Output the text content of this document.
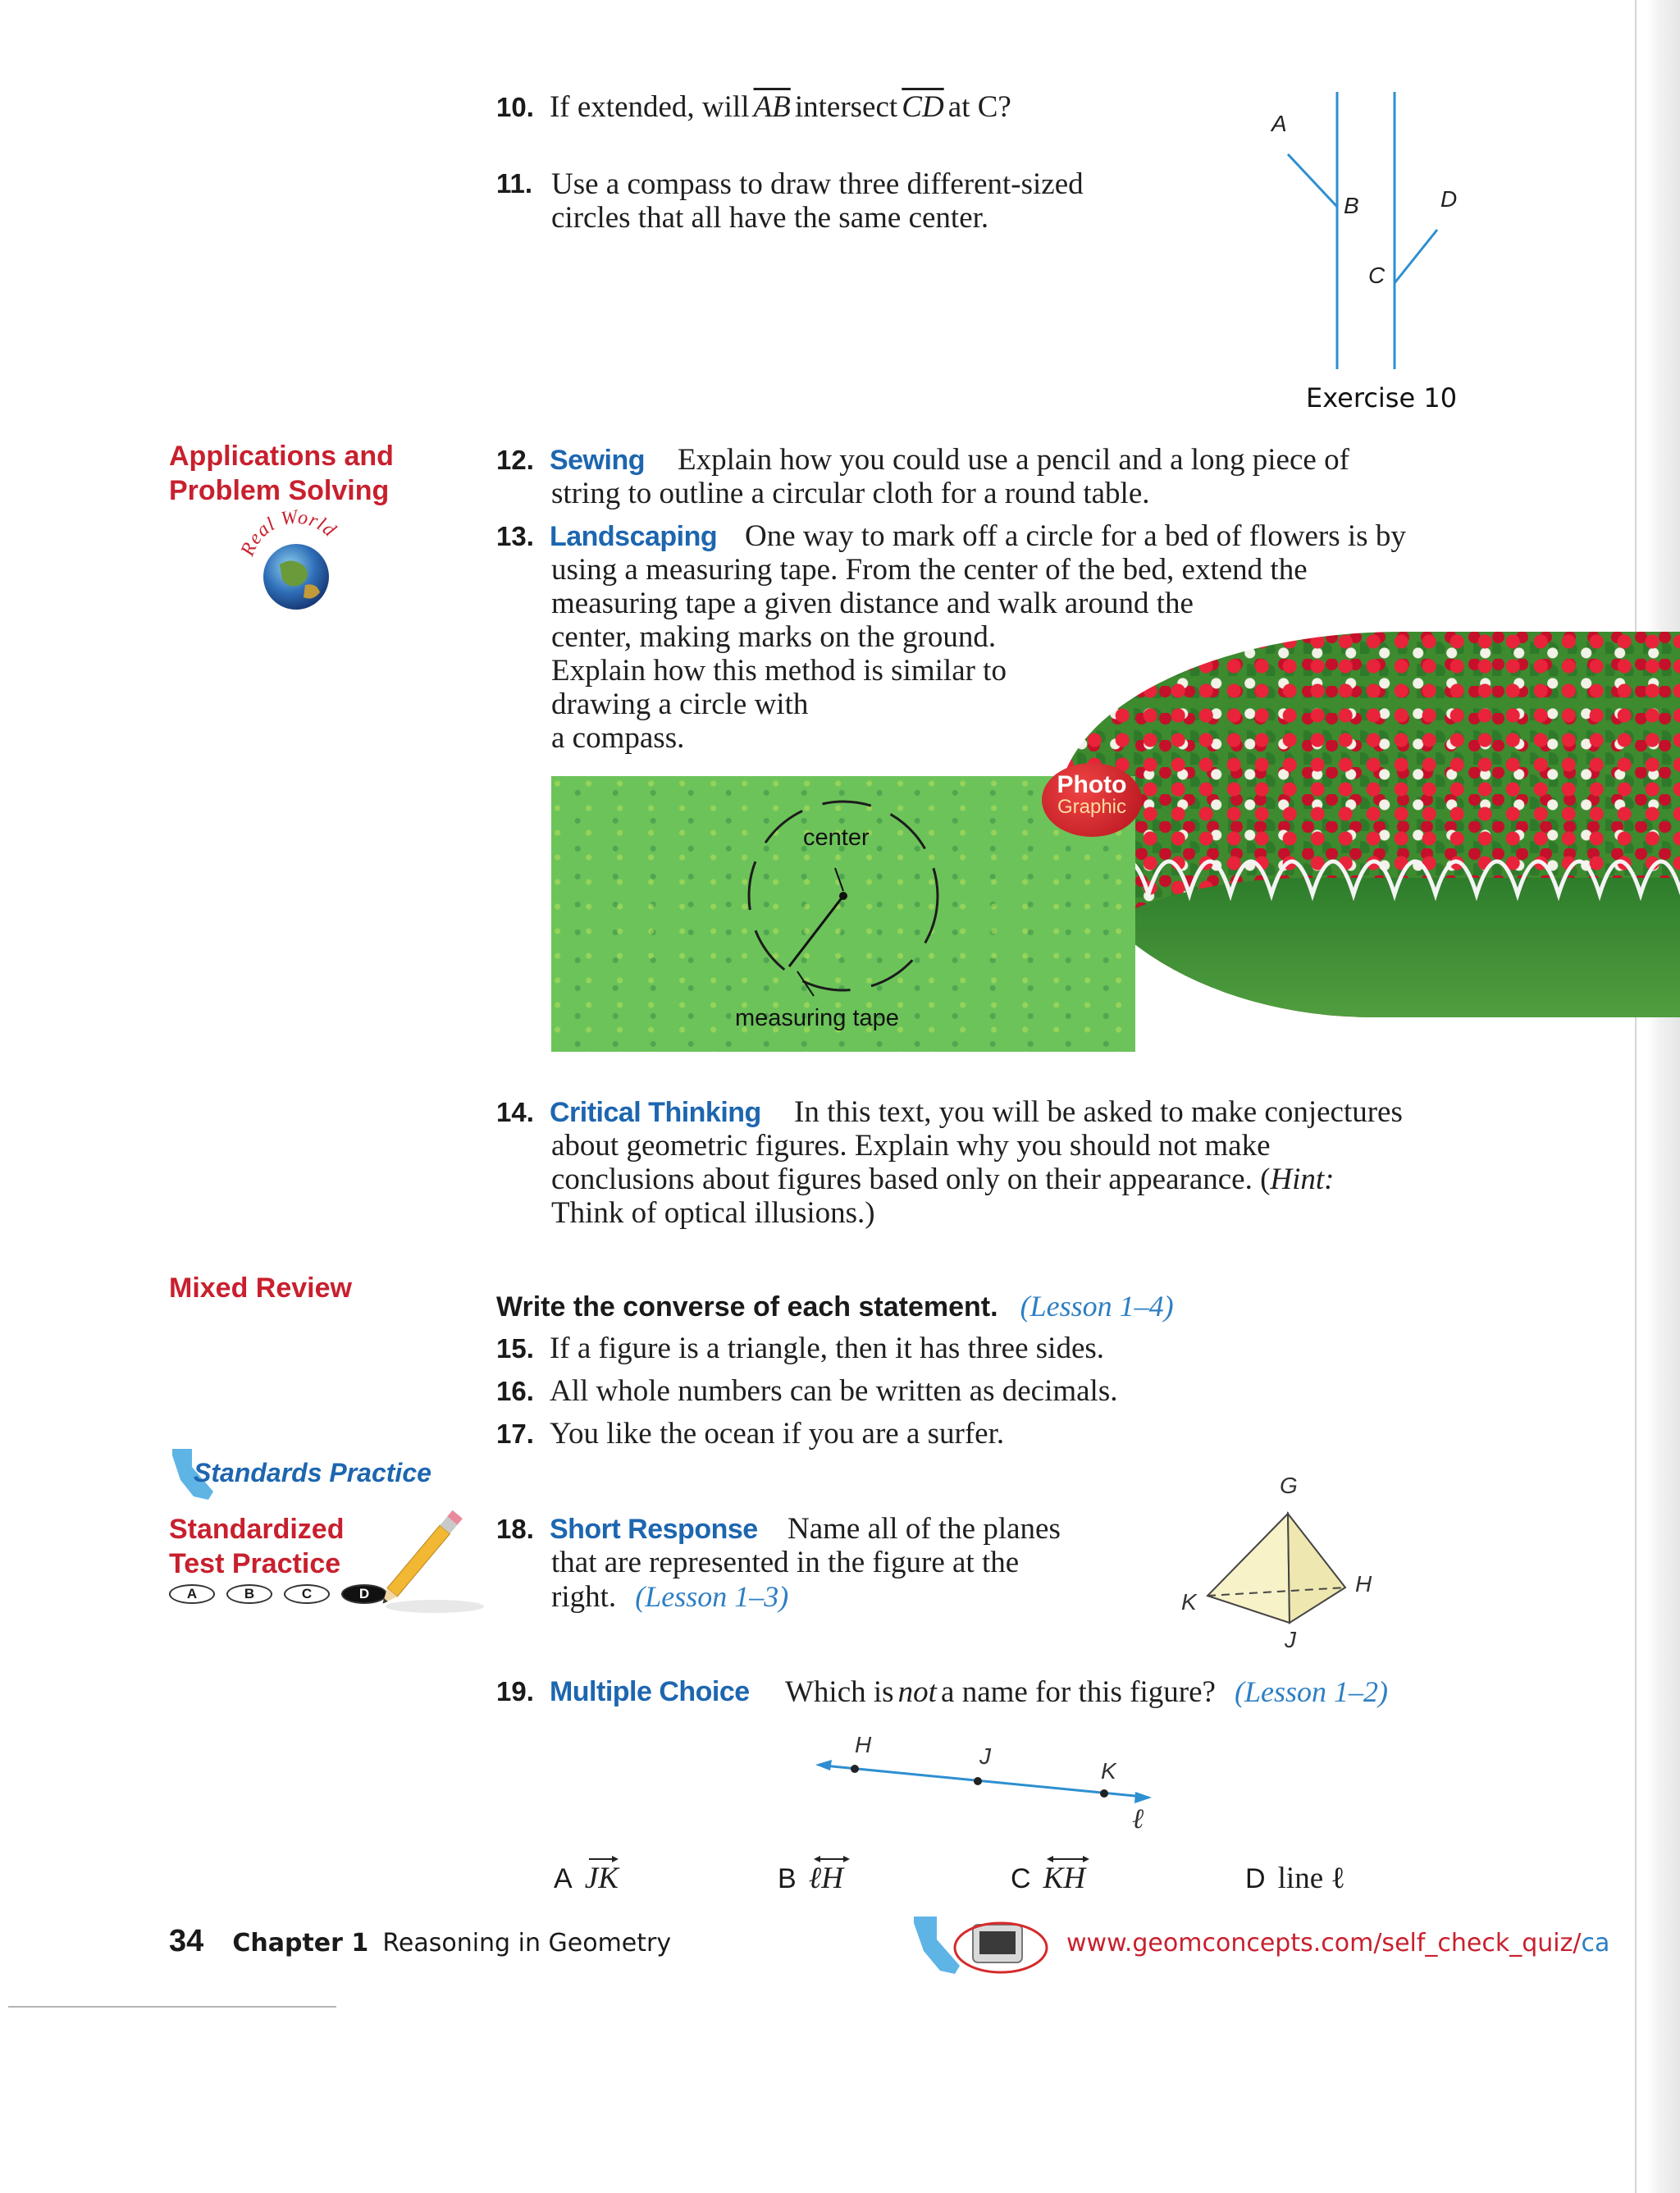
10. If extended, will $\overline{AB}$ intersect $\overline{CD}$ at C?	A
B
C
D
Exercise 10
11. Use a compass to draw three different-sized
circles that all have the same center.
Applications and
Problem Solving
Real World
12. Sewing Explain how you could use a pencil and a long piece of
string to outline a circular cloth for a round table.
13. Landscaping One way to mark off a circle for a bed of flowers is by
using a measuring tape. From the center of the bed, extend the
measuring tape a given distance and walk around the
center, making marks on the ground.
Explain how this method is similar to
drawing a circle with
a compass.
center
measuring tape
Photo
Graphic
14. Critical Thinking In this text, you will be asked to make conjectures
about geometric figures. Explain why you should not make
conclusions about figures based only on their appearance. (Hint:
Think of optical illusions.)
Mixed Review
Write the converse of each statement. (Lesson 1–4)
15. If a figure is a triangle, then it has three sides.
16. All whole numbers can be written as decimals.
17. You like the ocean if you are a surfer.
Standards Practice
Standardized
Test Practice
A	B	C	D
18. Short Response Name all of the planes
that are represented in the figure at the
right. (Lesson 1–3)
G
H
K
J
19. Multiple Choice Which is not a name for this figure? (Lesson 1–2)
H	J
K
ℓ
A JK	B ℓH	C KH	D line ℓ
34 Chapter 1 Reasoning in Geometry	www.geomconcepts.com/self_check_quiz/ca
